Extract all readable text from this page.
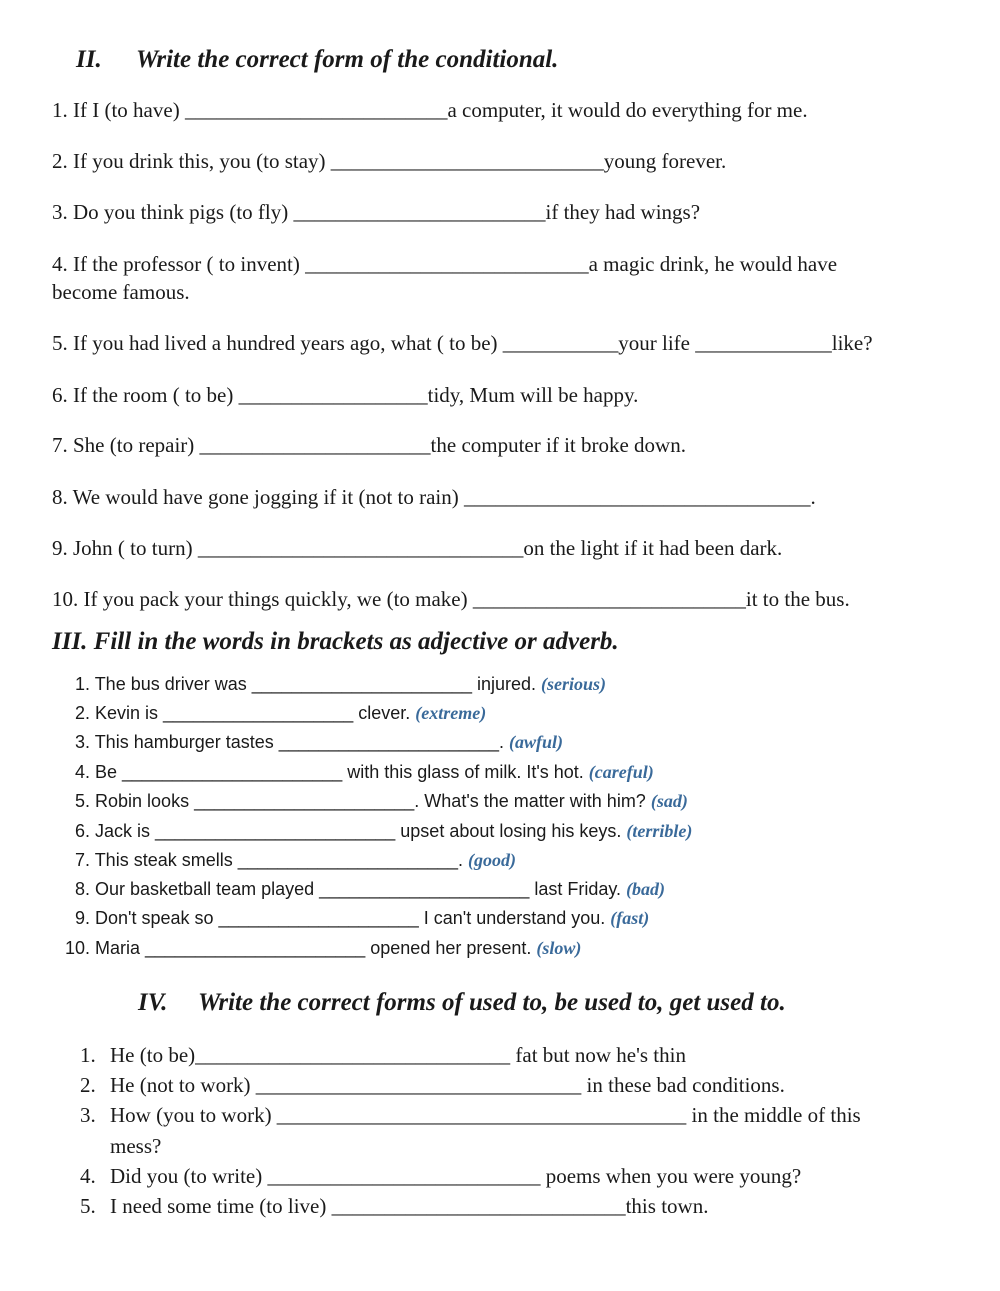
II. Write the correct form of the conditional.
1. If I (to have) _________________________a computer, it would do everything for me.
2. If you drink this, you (to stay) __________________________young forever.
3. Do you think pigs (to fly) ________________________if they had wings?
4. If the professor ( to invent) ___________________________a magic drink, he would have
become famous.
5. If you had lived a hundred years ago, what ( to be) ___________your life _____________like?
6. If the room ( to be) __________________tidy, Mum will be happy.
7. She (to repair) ______________________the computer if it broke down.
8. We would have gone jogging if it (not to rain) _________________________________.
9. John ( to turn) _______________________________on the light if it had been dark.
10. If you pack your things quickly, we (to make) __________________________it to the bus.
III. Fill in the words in brackets as adjective or adverb.
1. The bus driver was ______________________ injured. (serious)
2. Kevin is ___________________ clever. (extreme)
3. This hamburger tastes ______________________. (awful)
4. Be ______________________ with this glass of milk. It's hot. (careful)
5. Robin looks ______________________. What's the matter with him? (sad)
6. Jack is ________________________ upset about losing his keys. (terrible)
7. This steak smells ______________________. (good)
8. Our basketball team played _____________________ last Friday. (bad)
9. Don't speak so ____________________ I can't understand you. (fast)
10. Maria ______________________ opened her present. (slow)
IV. Write the correct forms of used to, be used to, get used to.
1. He (to be)______________________________ fat but now he's thin
2. He (not to work) _______________________________ in these bad conditions.
3. How (you to work) _______________________________________ in the middle of this
mess?
4. Did you (to write) __________________________ poems when you were young?
5. I need some time (to live) ____________________________this town.
